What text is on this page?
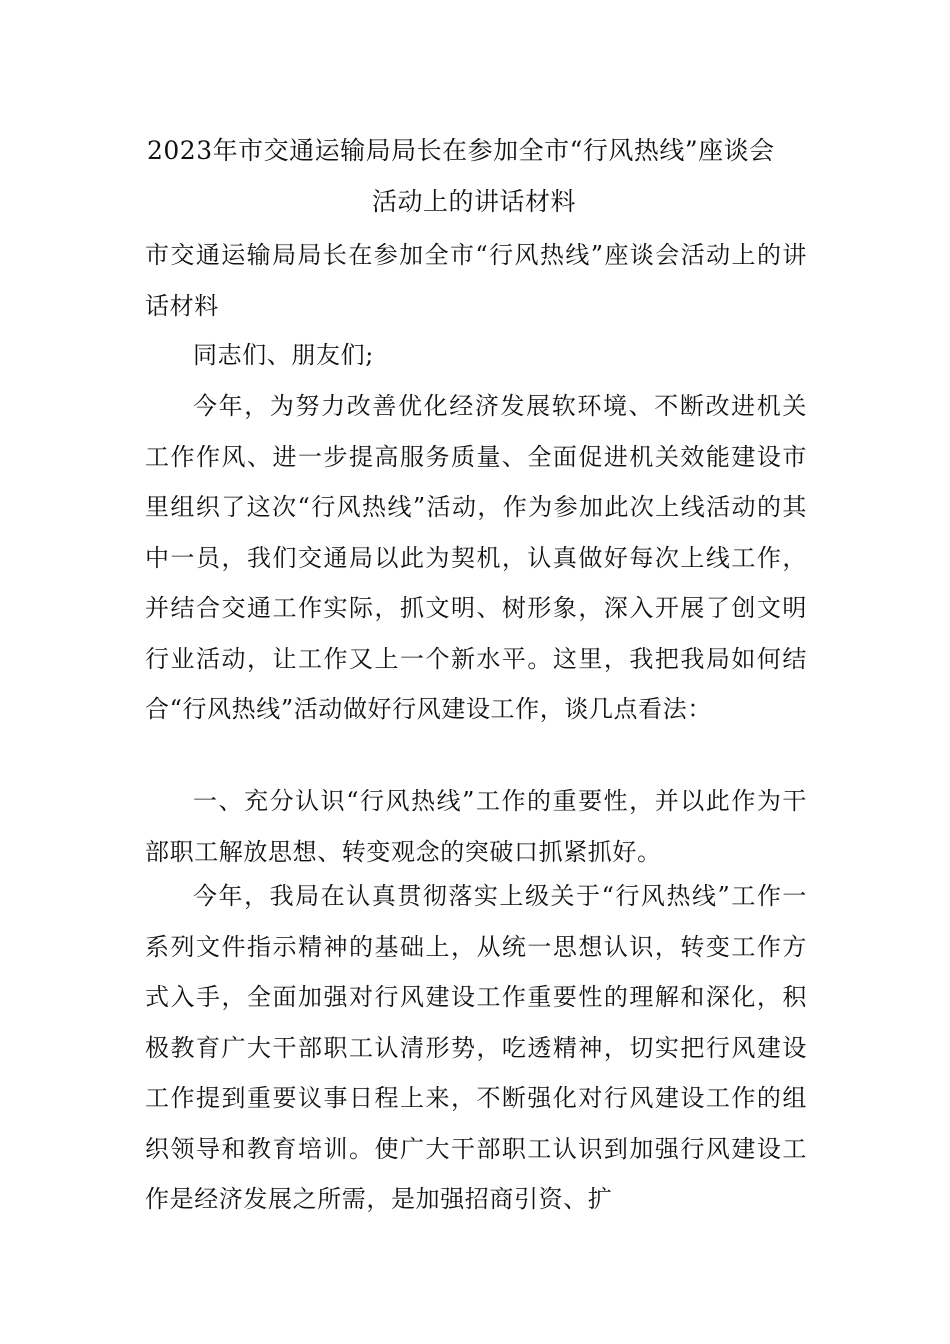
2023年市交通运输局局长在参加全市“行风热线”座谈会
活动上的讲话材料
市交通运输局局长在参加全市“行风热线”座谈会活动上的讲话材料
同志们、朋友们;
今年，为努力改善优化经济发展软环境、不断改进机关工作作风、进一步提高服务质量、全面促进机关效能建设市里组织了这次“行风热线”活动，作为参加此次上线活动的其中一员，我们交通局以此为契机，认真做好每次上线工作，并结合交通工作实际，抓文明、树形象，深入开展了创文明行业活动，让工作又上一个新水平。这里，我把我局如何结合“行风热线”活动做好行风建设工作，谈几点看法：
一、充分认识“行风热线”工作的重要性，并以此作为干部职工解放思想、转变观念的突破口抓紧抓好。
今年，我局在认真贯彻落实上级关于“行风热线”工作一系列文件指示精神的基础上，从统一思想认识，转变工作方式入手，全面加强对行风建设工作重要性的理解和深化，积极教育广大干部职工认清形势，吃透精神，切实把行风建设工作提到重要议事日程上来，不断强化对行风建设工作的组织领导和教育培训。使广大干部职工认识到加强行风建设工作是经济发展之所需，是加强招商引资、扩
